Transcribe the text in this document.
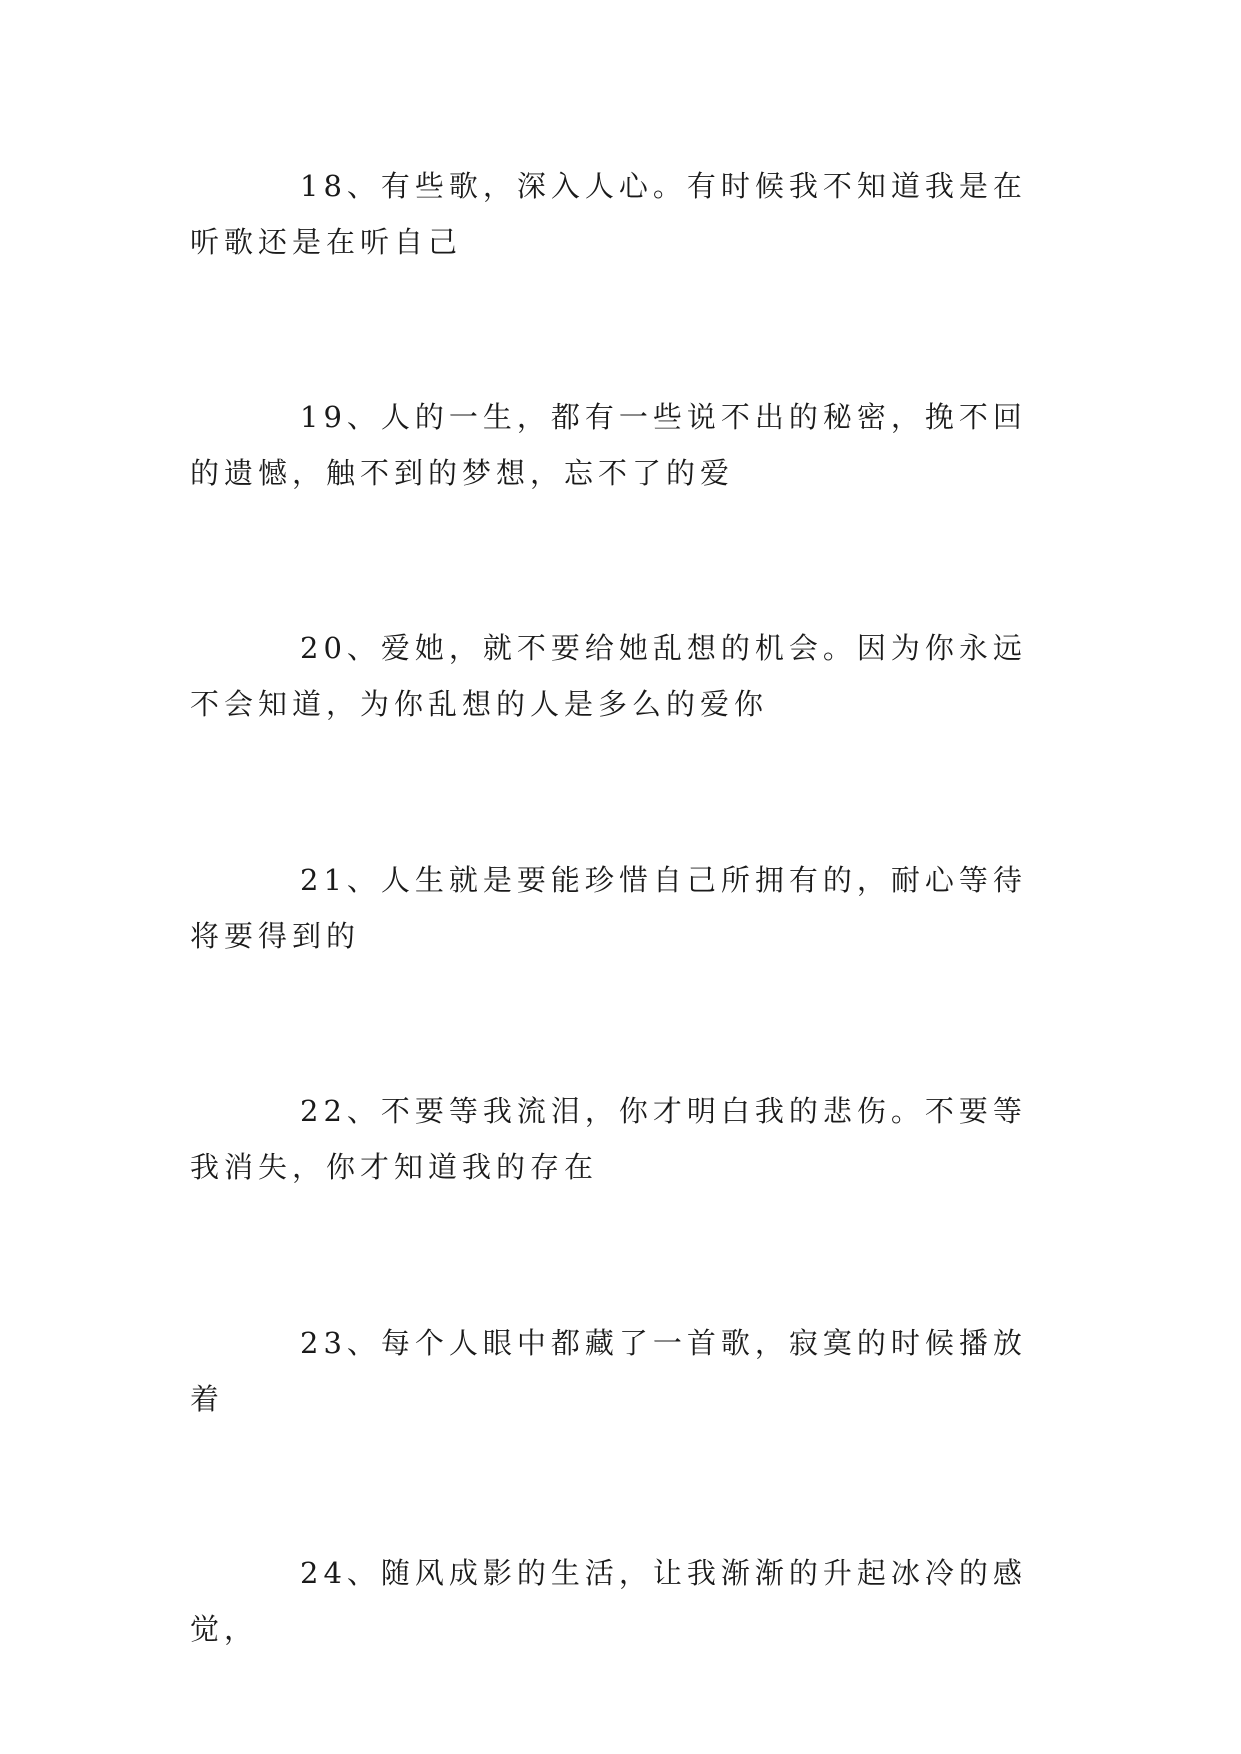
18、有些歌，深入人心。有时候我不知道我是在听歌还是在听自己

19、人的一生，都有一些说不出的秘密，挽不回的遗憾，触不到的梦想，忘不了的爱

20、爱她，就不要给她乱想的机会。因为你永远不会知道，为你乱想的人是多么的爱你

21、人生就是要能珍惜自己所拥有的，耐心等待将要得到的

22、不要等我流泪，你才明白我的悲伤。不要等我消失，你才知道我的存在

23、每个人眼中都藏了一首歌，寂寞的时候播放着

24、随风成影的生活，让我渐渐的升起冰冷的感觉，
